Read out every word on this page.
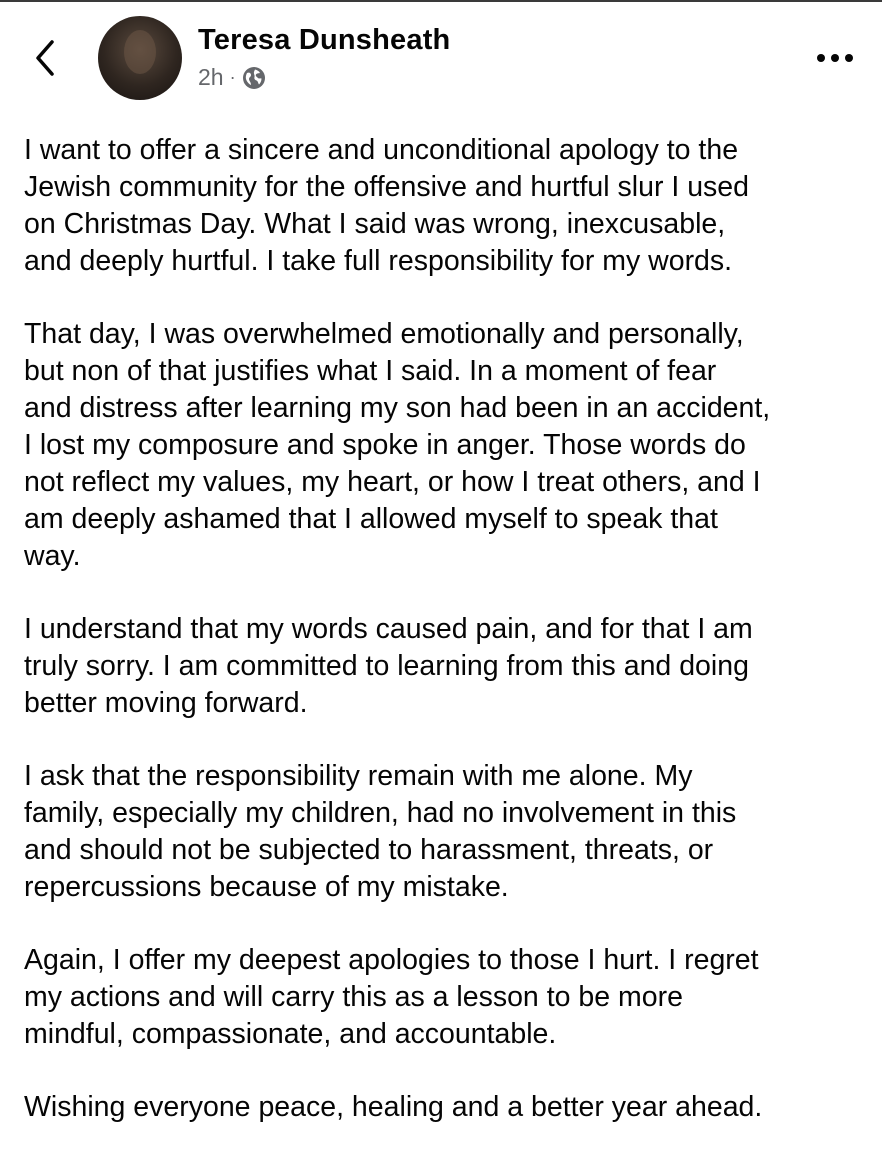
Teresa Dunsheath
2h ·

I want to offer a sincere and unconditional apology to the
Jewish community for the offensive and hurtful slur I used
on Christmas Day. What I said was wrong, inexcusable,
and deeply hurtful. I take full responsibility for my words.

That day, I was overwhelmed emotionally and personally,
but non of that justifies what I said. In a moment of fear
and distress after learning my son had been in an accident,
I lost my composure and spoke in anger. Those words do
not reflect my values, my heart, or how I treat others, and I
am deeply ashamed that I allowed myself to speak that
way.

I understand that my words caused pain, and for that I am
truly sorry. I am committed to learning from this and doing
better moving forward.

I ask that the responsibility remain with me alone. My
family, especially my children, had no involvement in this
and should not be subjected to harassment, threats, or
repercussions because of my mistake.

Again, I offer my deepest apologies to those I hurt. I regret
my actions and will carry this as a lesson to be more
mindful, compassionate, and accountable.

Wishing everyone peace, healing and a better year ahead.
